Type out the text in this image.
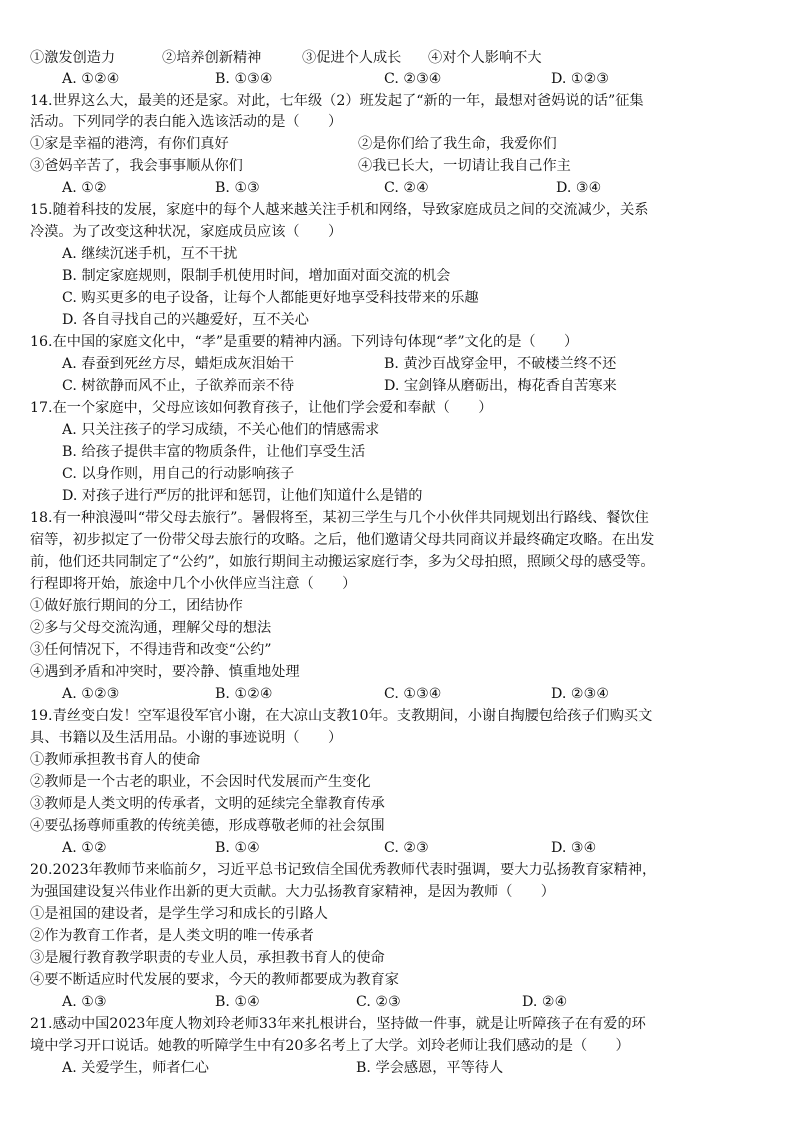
①激发创造力	②培养创新精神	③促进个人成长 ④对个人影响不大
A. ①②④	B. ①③④	C. ②③④	D. ①②③
14.世界这么大，最美的还是家。对此，七年级（2）班发起了“新的一年，最想对爸妈说的话”征集
活动。下列同学的表白能入选该活动的是（　　）
①家是幸福的港湾，有你们真好	②是你们给了我生命，我爱你们
③爸妈辛苦了，我会事事顺从你们	④我已长大，一切请让我自己作主
A. ①②	B. ①③	C. ②④	D. ③④
15.随着科技的发展，家庭中的每个人越来越关注手机和网络，导致家庭成员之间的交流减少，关系
冷漠。为了改变这种状况，家庭成员应该（　　）
A. 继续沉迷手机，互不干扰
B. 制定家庭规则，限制手机使用时间，增加面对面交流的机会
C. 购买更多的电子设备，让每个人都能更好地享受科技带来的乐趣
D. 各自寻找自己的兴趣爱好，互不关心
16.在中国的家庭文化中，“孝”是重要的精神内涵。下列诗句体现“孝”文化的是（　　）
A. 春蚕到死丝方尽，蜡炬成灰泪始干	B. 黄沙百战穿金甲，不破楼兰终不还
C. 树欲静而风不止，子欲养而亲不待	D. 宝剑锋从磨砺出，梅花香自苦寒来
17.在一个家庭中，父母应该如何教育孩子，让他们学会爱和奉献（　　）
A. 只关注孩子的学习成绩，不关心他们的情感需求
B. 给孩子提供丰富的物质条件，让他们享受生活
C. 以身作则，用自己的行动影响孩子
D. 对孩子进行严厉的批评和惩罚，让他们知道什么是错的
18.有一种浪漫叫“带父母去旅行”。暑假将至，某初三学生与几个小伙伴共同规划出行路线、餐饮住
宿等，初步拟定了一份带父母去旅行的攻略。之后，他们邀请父母共同商议并最终确定攻略。在出发
前，他们还共同制定了“公约”，如旅行期间主动搬运家庭行李，多为父母拍照，照顾父母的感受等。
行程即将开始，旅途中几个小伙伴应当注意（　　）
①做好旅行期间的分工，团结协作
②多与父母交流沟通，理解父母的想法
③任何情况下，不得违背和改变“公约”
④遇到矛盾和冲突时，要冷静、慎重地处理
A. ①②③	B. ①②④	C. ①③④	D. ②③④
19.青丝变白发！空军退役军官小谢，在大凉山支教10年。支教期间，小谢自掏腰包给孩子们购买文
具、书籍以及生活用品。小谢的事迹说明（　　）
①教师承担教书育人的使命
②教师是一个古老的职业，不会因时代发展而产生变化
③教师是人类文明的传承者，文明的延续完全靠教育传承
④要弘扬尊师重教的传统美德，形成尊敬老师的社会氛围
A. ①②	B. ①④	C. ②③	D. ③④
20.2023年教师节来临前夕，习近平总书记致信全国优秀教师代表时强调，要大力弘扬教育家精神，
为强国建设复兴伟业作出新的更大贡献。大力弘扬教育家精神，是因为教师（　　）
①是祖国的建设者，是学生学习和成长的引路人
②作为教育工作者，是人类文明的唯一传承者
③是履行教育教学职责的专业人员，承担教书育人的使命
④要不断适应时代发展的要求，今天的教师都要成为教育家
A. ①③	B. ①④	C. ②③	D. ②④
21.感动中国2023年度人物刘玲老师33年来扎根讲台，坚持做一件事，就是让听障孩子在有爱的环
境中学习开口说话。她教的听障学生中有20多名考上了大学。刘玲老师让我们感动的是（　　）
A. 关爱学生，师者仁心	B. 学会感恩，平等待人
